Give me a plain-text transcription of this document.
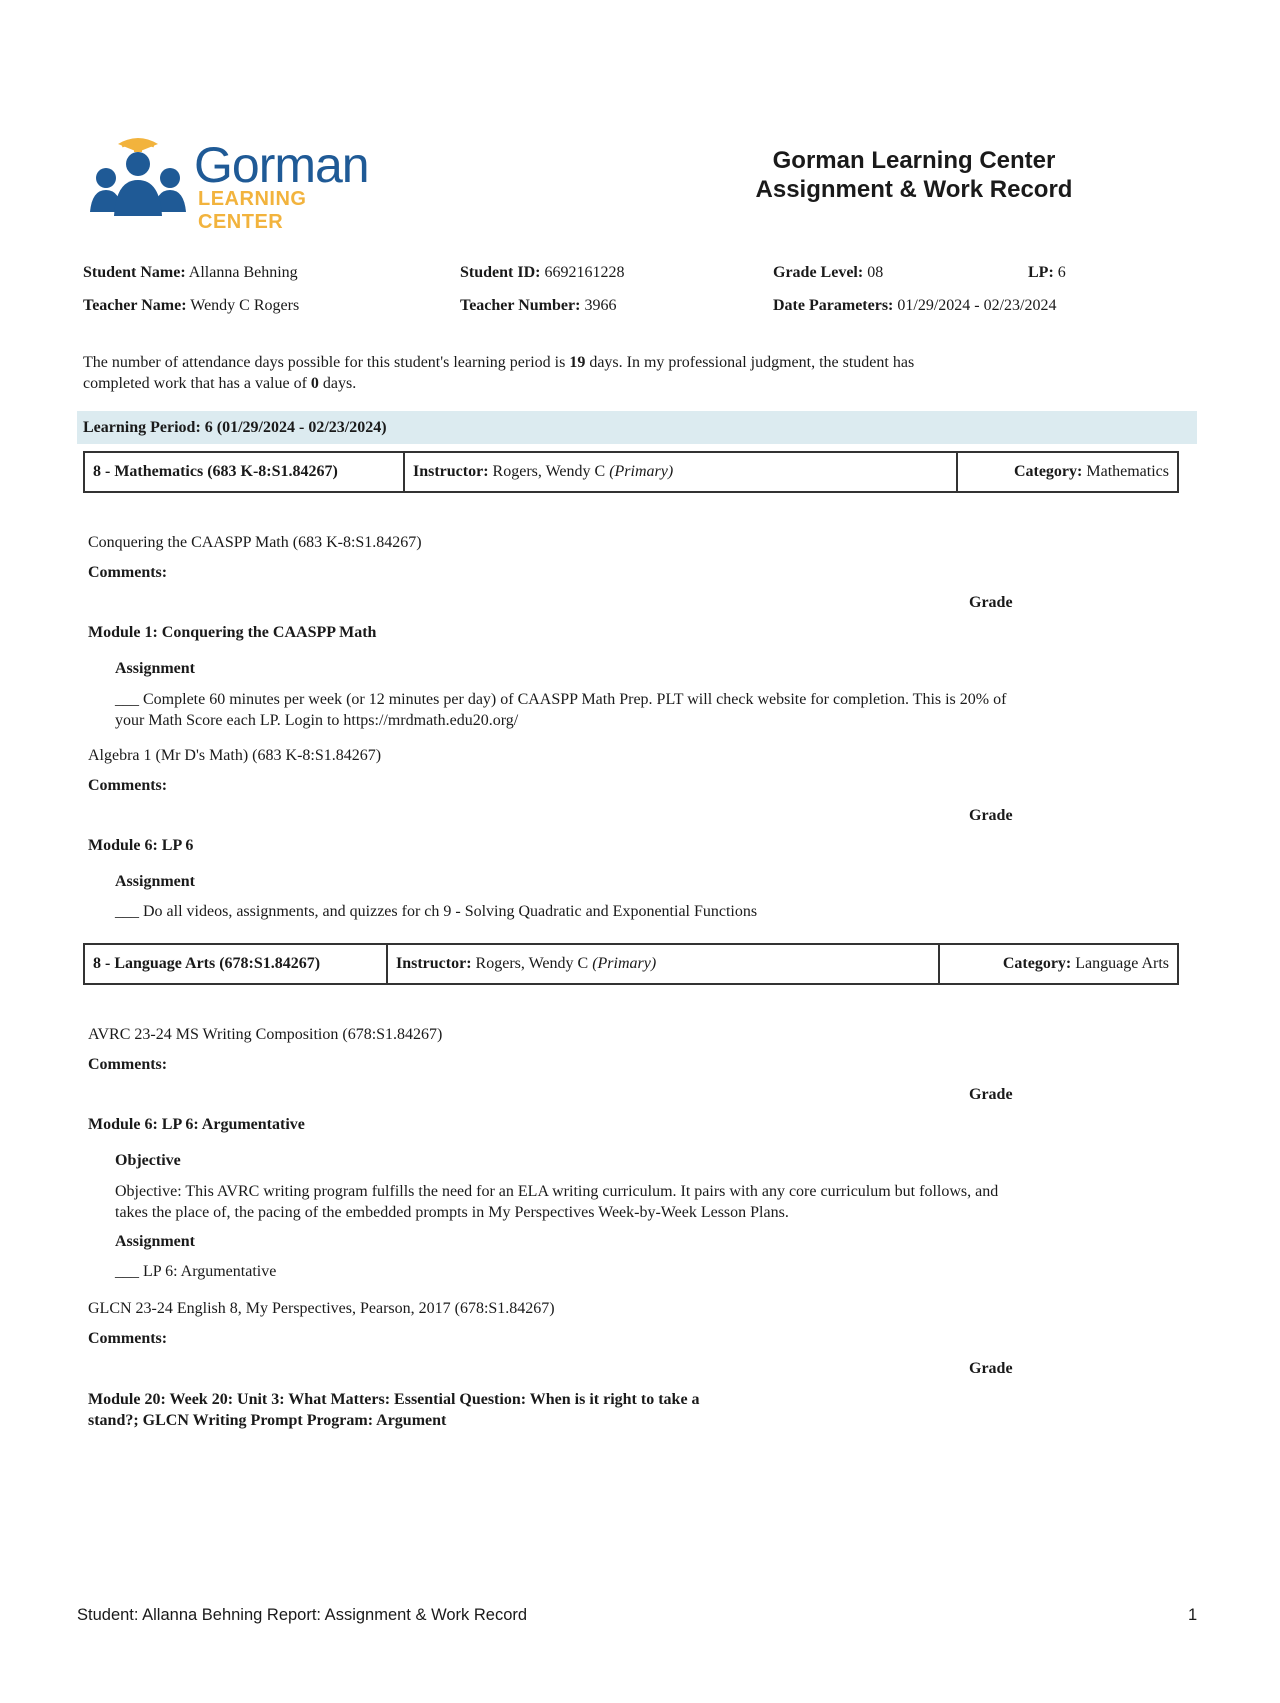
Gorman
LEARNING CENTER
Gorman Learning Center
Assignment & Work Record
Student Name: Allanna Behning	Student ID: 6692161228	Grade Level: 08	LP: 6
Teacher Name: Wendy C Rogers	Teacher Number: 3966	Date Parameters: 01/29/2024 - 02/23/2024
The number of attendance days possible for this student's learning period is 19 days. In my professional judgment, the student has
completed work that has a value of 0 days.
Learning Period: 6 (01/29/2024 - 02/23/2024)
8 - Mathematics (683 K-8:S1.84267)	Instructor:
Rogers, Wendy C
(Primary)	Category:
Mathematics
Conquering the CAASPP Math (683 K-8:S1.84267)
Comments:
Grade
Module 1: Conquering the CAASPP Math
Assignment
___ Complete 60 minutes per week (or 12 minutes per day) of CAASPP Math Prep. PLT will check website for completion. This is 20% of
your Math Score each LP. Login to https://mrdmath.edu20.org/
Algebra 1 (Mr D's Math) (683 K-8:S1.84267)
Comments:
Grade
Module 6: LP 6
Assignment
___ Do all videos, assignments, and quizzes for ch 9 - Solving Quadratic and Exponential Functions
8 - Language Arts (678:S1.84267)	Instructor:
Rogers, Wendy C
(Primary)	Category:
Language Arts
AVRC 23-24 MS Writing Composition (678:S1.84267)
Comments:
Grade
Module 6: LP 6: Argumentative
Objective
Objective: This AVRC writing program fulfills the need for an ELA writing curriculum. It pairs with any core curriculum but follows, and
takes the place of, the pacing of the embedded prompts in My Perspectives Week-by-Week Lesson Plans.
Assignment
___ LP 6: Argumentative
GLCN 23-24 English 8, My Perspectives, Pearson, 2017 (678:S1.84267)
Comments:
Grade
Module 20: Week 20: Unit 3: What Matters: Essential Question: When is it right to take a
stand?; GLCN Writing Prompt Program: Argument
Student: Allanna Behning Report: Assignment & Work Record	1
